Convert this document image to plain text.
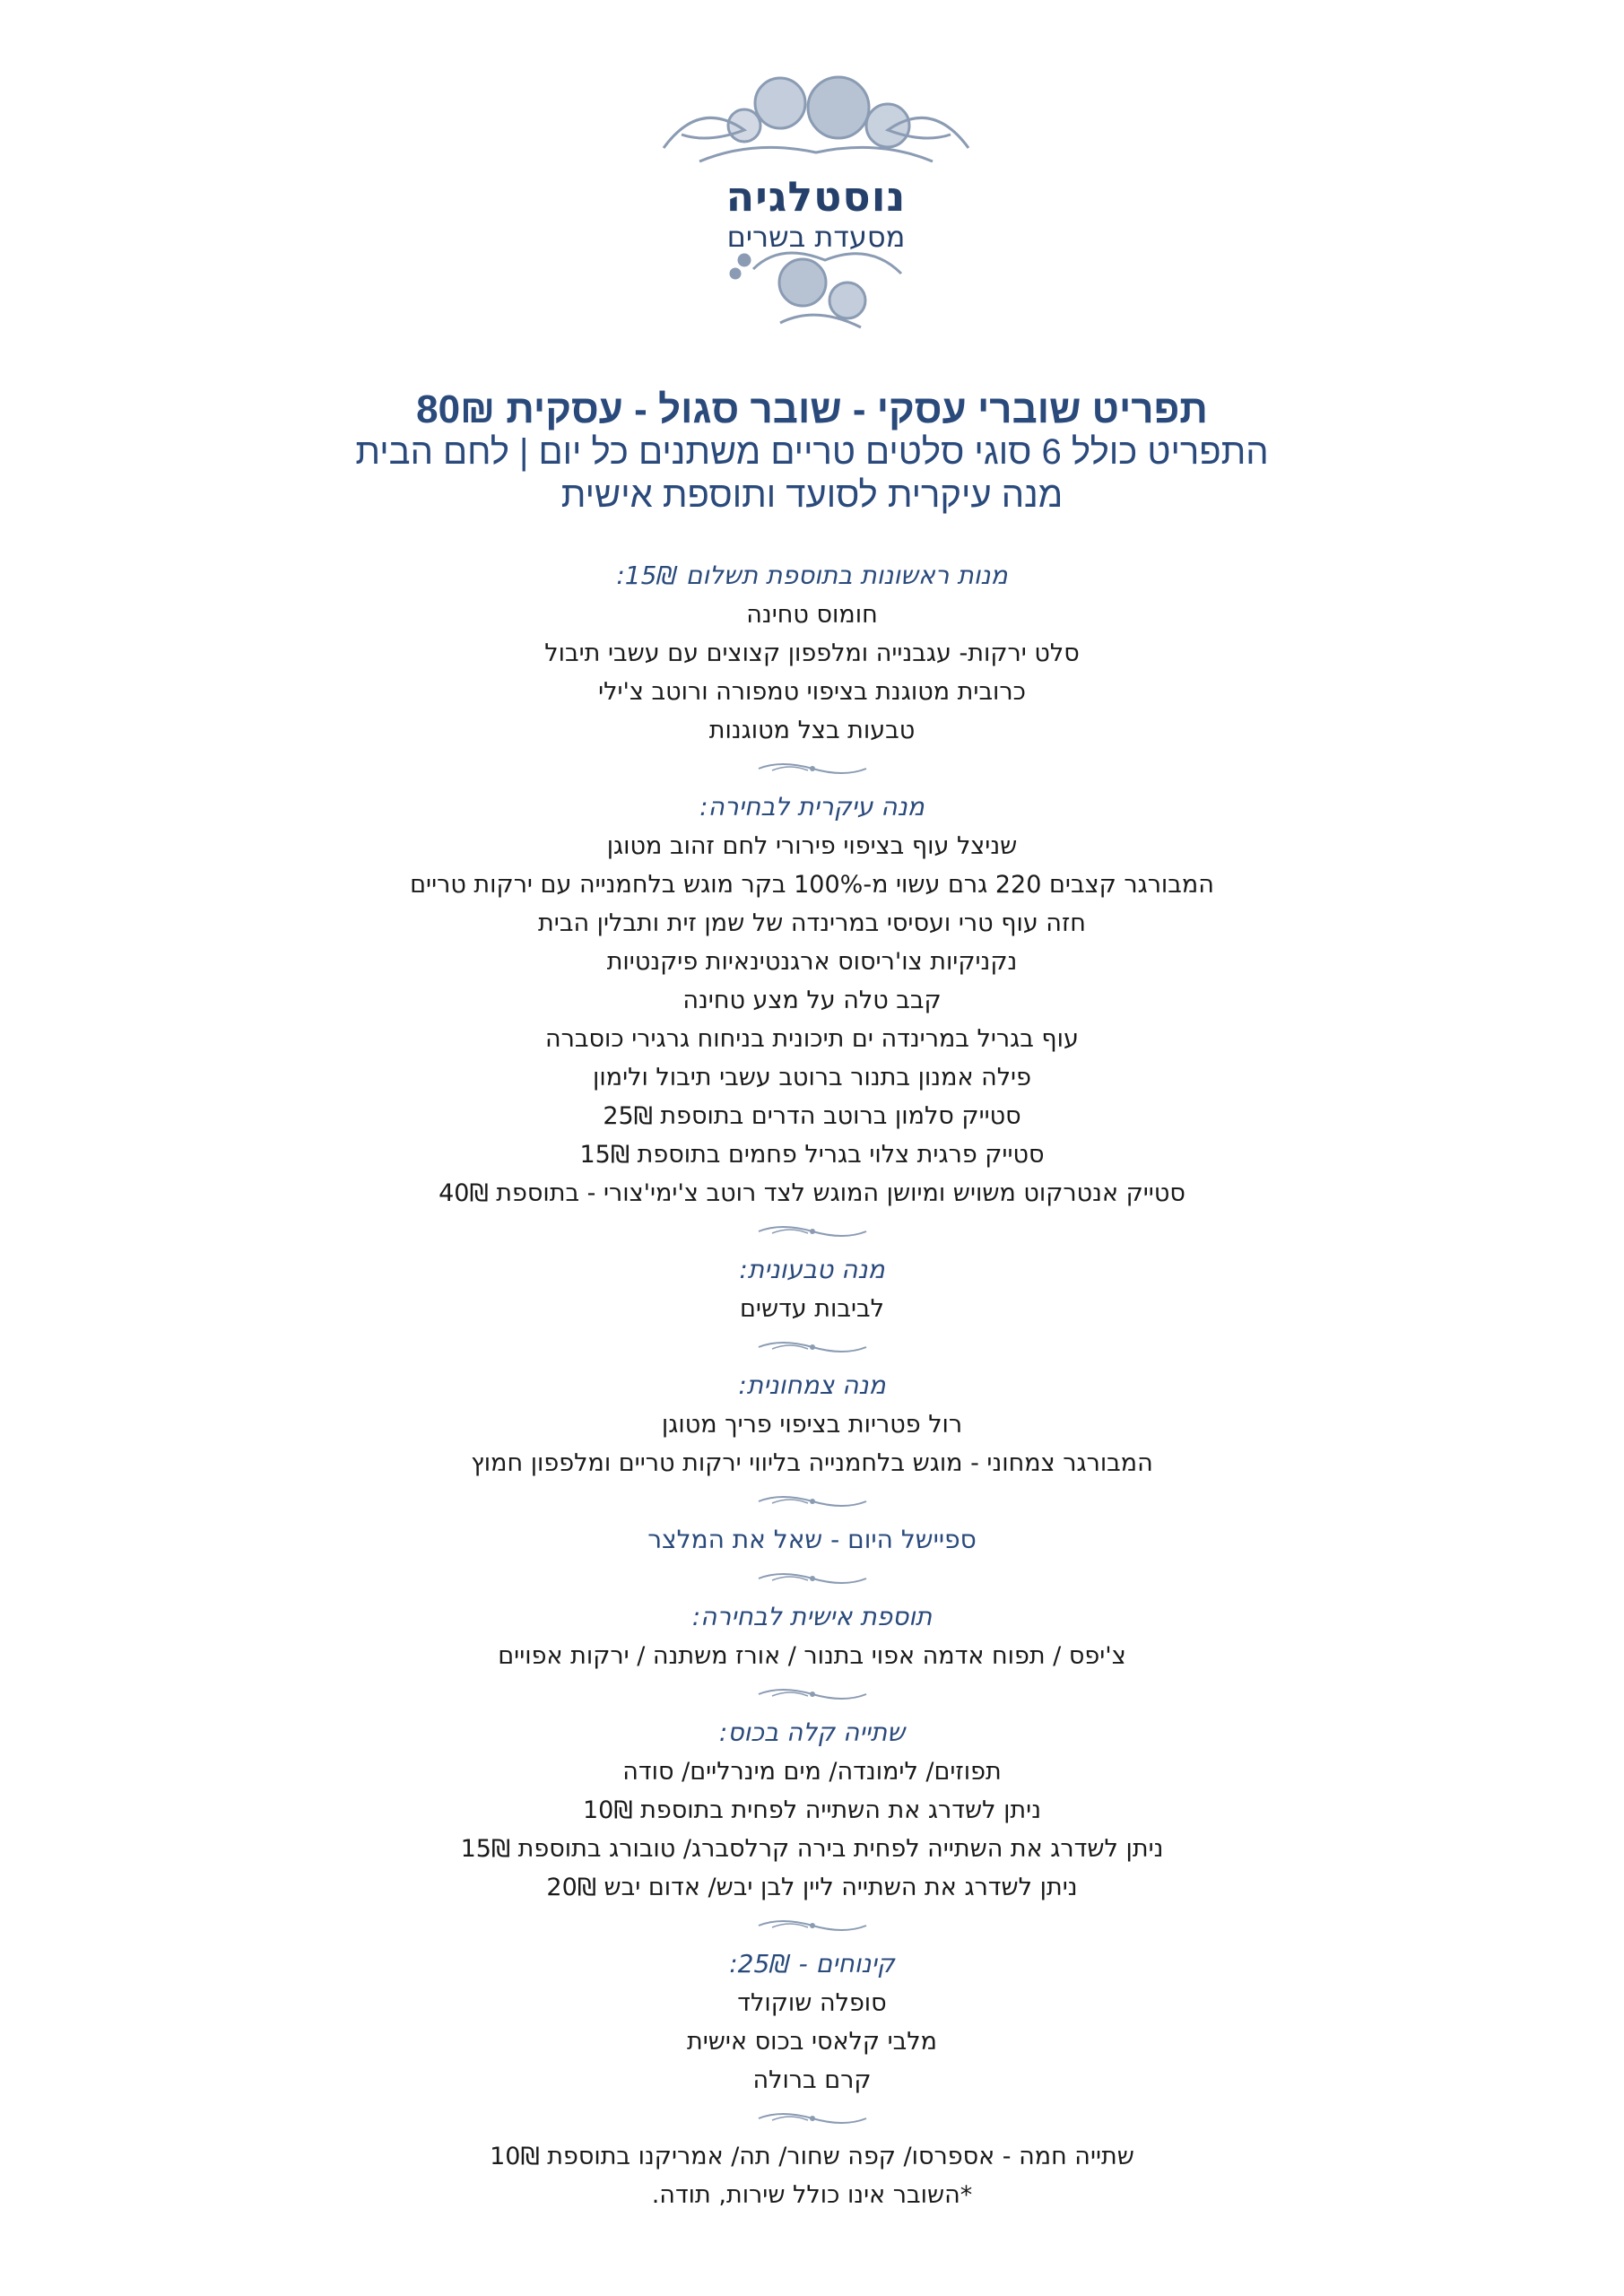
נוסטלגיה
מסעדת בשרים
תפריט שוברי עסקי - שובר סגול - עסקית 80₪
התפריט כולל 6 סוגי סלטים טריים משתנים כל יום | לחם הבית
מנה עיקרית לסועד ותוספת אישית
מנות ראשונות בתוספת תשלום 15₪:
חומוס טחינה
סלט ירקות- עגבנייה ומלפפון קצוצים עם עשבי תיבול
כרובית מטוגנת בציפוי טמפורה ורוטב צ'ילי
טבעות בצל מטוגנות
מנה עיקרית לבחירה:
שניצל עוף בציפוי פירורי לחם זהוב מטוגן
המבורגר קצבים 220 גרם עשוי מ-100% בקר מוגש בלחמנייה עם ירקות טריים
חזה עוף טרי ועסיסי במרינדה של שמן זית ותבלין הבית
נקניקיות צו'ריסוס ארגנטינאיות פיקנטיות
קבב טלה על מצע טחינה
עוף בגריל במרינדה ים תיכונית בניחוח גרגירי כוסברה
פילה אמנון בתנור ברוטב עשבי תיבול ולימון
סטייק סלמון ברוטב הדרים בתוספת 25₪
סטייק פרגית צלוי בגריל פחמים בתוספת 15₪
סטייק אנטרקוט משויש ומיושן המוגש לצד רוטב צ'ימי'צורי - בתוספת 40₪
מנה טבעונית:
לביבות עדשים
מנה צמחונית:
רול פטריות בציפוי פריך מטוגן
המבורגר צמחוני - מוגש בלחמנייה בליווי ירקות טריים ומלפפון חמוץ
ספיישל היום - שאל את המלצר
תוספת אישית לבחירה:
צ'יפס / תפוח אדמה אפוי בתנור / אורז משתנה / ירקות אפויים
שתייה קלה בכוס:
תפוזים/ לימונדה/ מים מינרליים/ סודה
ניתן לשדרג את השתייה לפחית בתוספת 10₪
ניתן לשדרג את השתייה לפחית בירה קרלסברג/ טובורג בתוספת 15₪
ניתן לשדרג את השתייה ליין לבן יבש/ אדום יבש 20₪
קינוחים - 25₪:
סופלה שוקולד
מלבי קלאסי בכוס אישית
קרם ברולה
שתייה חמה - אספרסו/ קפה שחור/ תה/ אמריקנו בתוספת 10₪
*השובר אינו כולל שירות, תודה.
